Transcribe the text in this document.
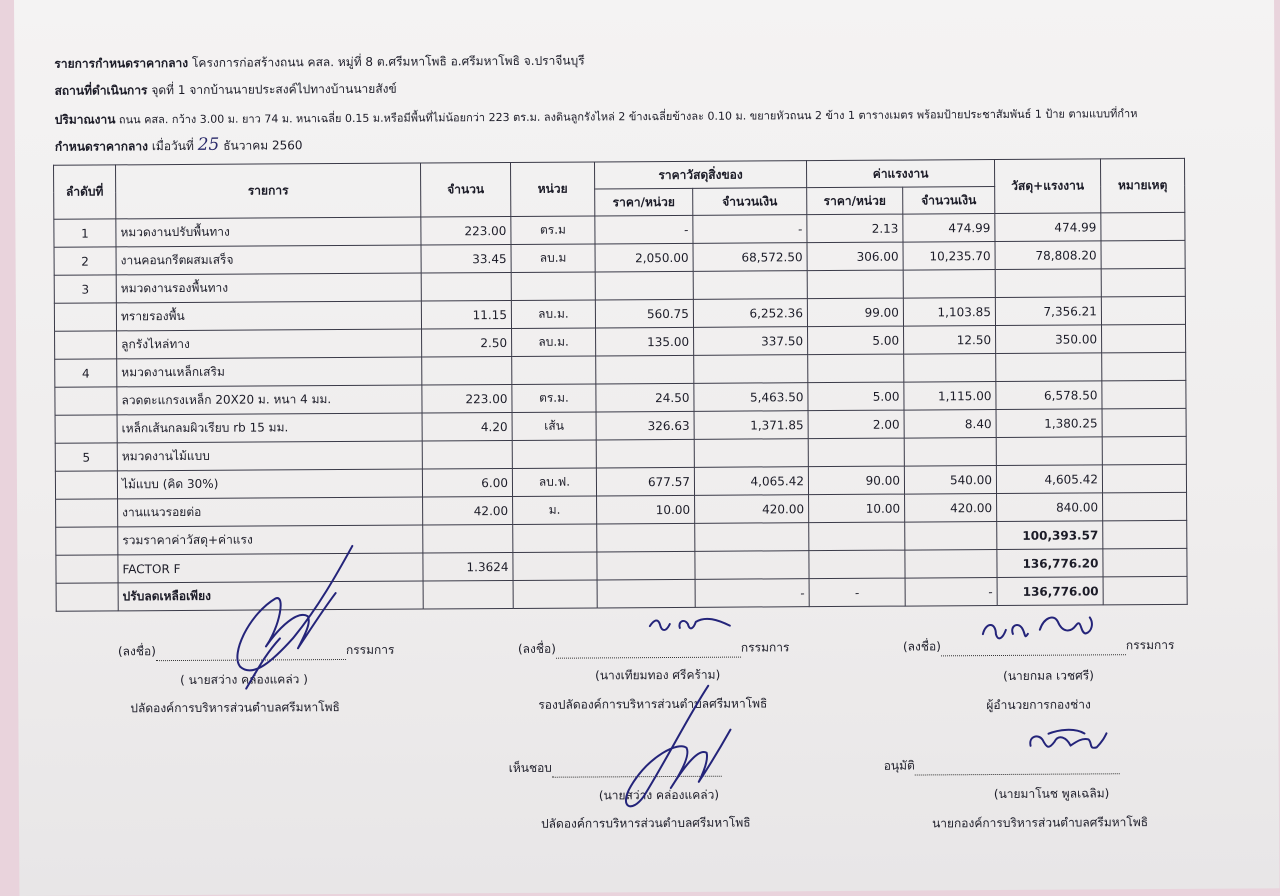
รายการกำหนดราคากลาง โครงการก่อสร้างถนน คสล. หมู่ที่ 8 ต.ศรีมหาโพธิ อ.ศรีมหาโพธิ จ.ปราจีนบุรี
สถานที่ดำเนินการ จุดที่ 1 จากบ้านนายประสงค์ไปทางบ้านนายสังข์
ปริมาณงาน ถนน คสล. กว้าง 3.00 ม. ยาว 74 ม. หนาเฉลี่ย 0.15 ม.หรือมีพื้นที่ไม่น้อยกว่า 223 ตร.ม. ลงดินลูกรังไหล่ 2 ข้างเฉลี่ยข้างละ 0.10 ม. ขยายหัวถนน 2 ข้าง 1 ตารางเมตร พร้อมป้ายประชาสัมพันธ์ 1 ป้าย ตามแบบที่กำห
กำหนดราคากลาง เมื่อวันที่ 25 ธันวาคม 2560
ลำดับที่	รายการ	จำนวน	หน่วย	ราคาวัสดุสิ่งของ		ค่าแรงงาน		วัสดุ+แรงงาน	หมายเหตุ
				ราคา/หน่วย	จำนวนเงิน	ราคา/หน่วย	จำนวนเงิน		
1	หมวดงานปรับพื้นทาง	223.00	ตร.ม	-	-	2.13	474.99	474.99	
2	งานคอนกรีตผสมเสร็จ	33.45	ลบ.ม	2,050.00	68,572.50	306.00	10,235.70	78,808.20	
3	หมวดงานรองพื้นทาง								
	ทรายรองพื้น	11.15	ลบ.ม.	560.75	6,252.36	99.00	1,103.85	7,356.21	
	ลูกรังไหล่ทาง	2.50	ลบ.ม.	135.00	337.50	5.00	12.50	350.00	
4	หมวดงานเหล็กเสริม								
	ลวดตะแกรงเหล็ก 20X20 ม. หนา 4 มม.	223.00	ตร.ม.	24.50	5,463.50	5.00	1,115.00	6,578.50	
	เหล็กเส้นกลมผิวเรียบ rb 15 มม.	4.20	เส้น	326.63	1,371.85	2.00	8.40	1,380.25	
5	หมวดงานไม้แบบ								
	ไม้แบบ (คิด 30%)	6.00	ลบ.ฟ.	677.57	4,065.42	90.00	540.00	4,605.42	
	งานแนวรอยต่อ	42.00	ม.	10.00	420.00	10.00	420.00	840.00	
	รวมราคาค่าวัสดุ+ค่าแรง							100,393.57	
	FACTOR F	1.3624						136,776.20	
	ปรับลดเหลือเพียง				-	-	-	136,776.00	
(ลงชื่อ)	กรรมการ
( นายสว่าง คล่องแคล่ว )
ปลัดองค์การบริหารส่วนตำบลศรีมหาโพธิ
(ลงชื่อ)	กรรมการ
(นางเทียมทอง ศรีคร้าม)
รองปลัดองค์การบริหารส่วนตำบลศรีมหาโพธิ
(ลงชื่อ)	กรรมการ
(นายกมล เวชศรี)
ผู้อำนวยการกองช่าง
เห็นชอบ
(นายสว่าง คล่องแคล่ว)
ปลัดองค์การบริหารส่วนตำบลศรีมหาโพธิ
อนุมัติ
(นายมาโนช พูลเฉลิม)
นายกองค์การบริหารส่วนตำบลศรีมหาโพธิ
